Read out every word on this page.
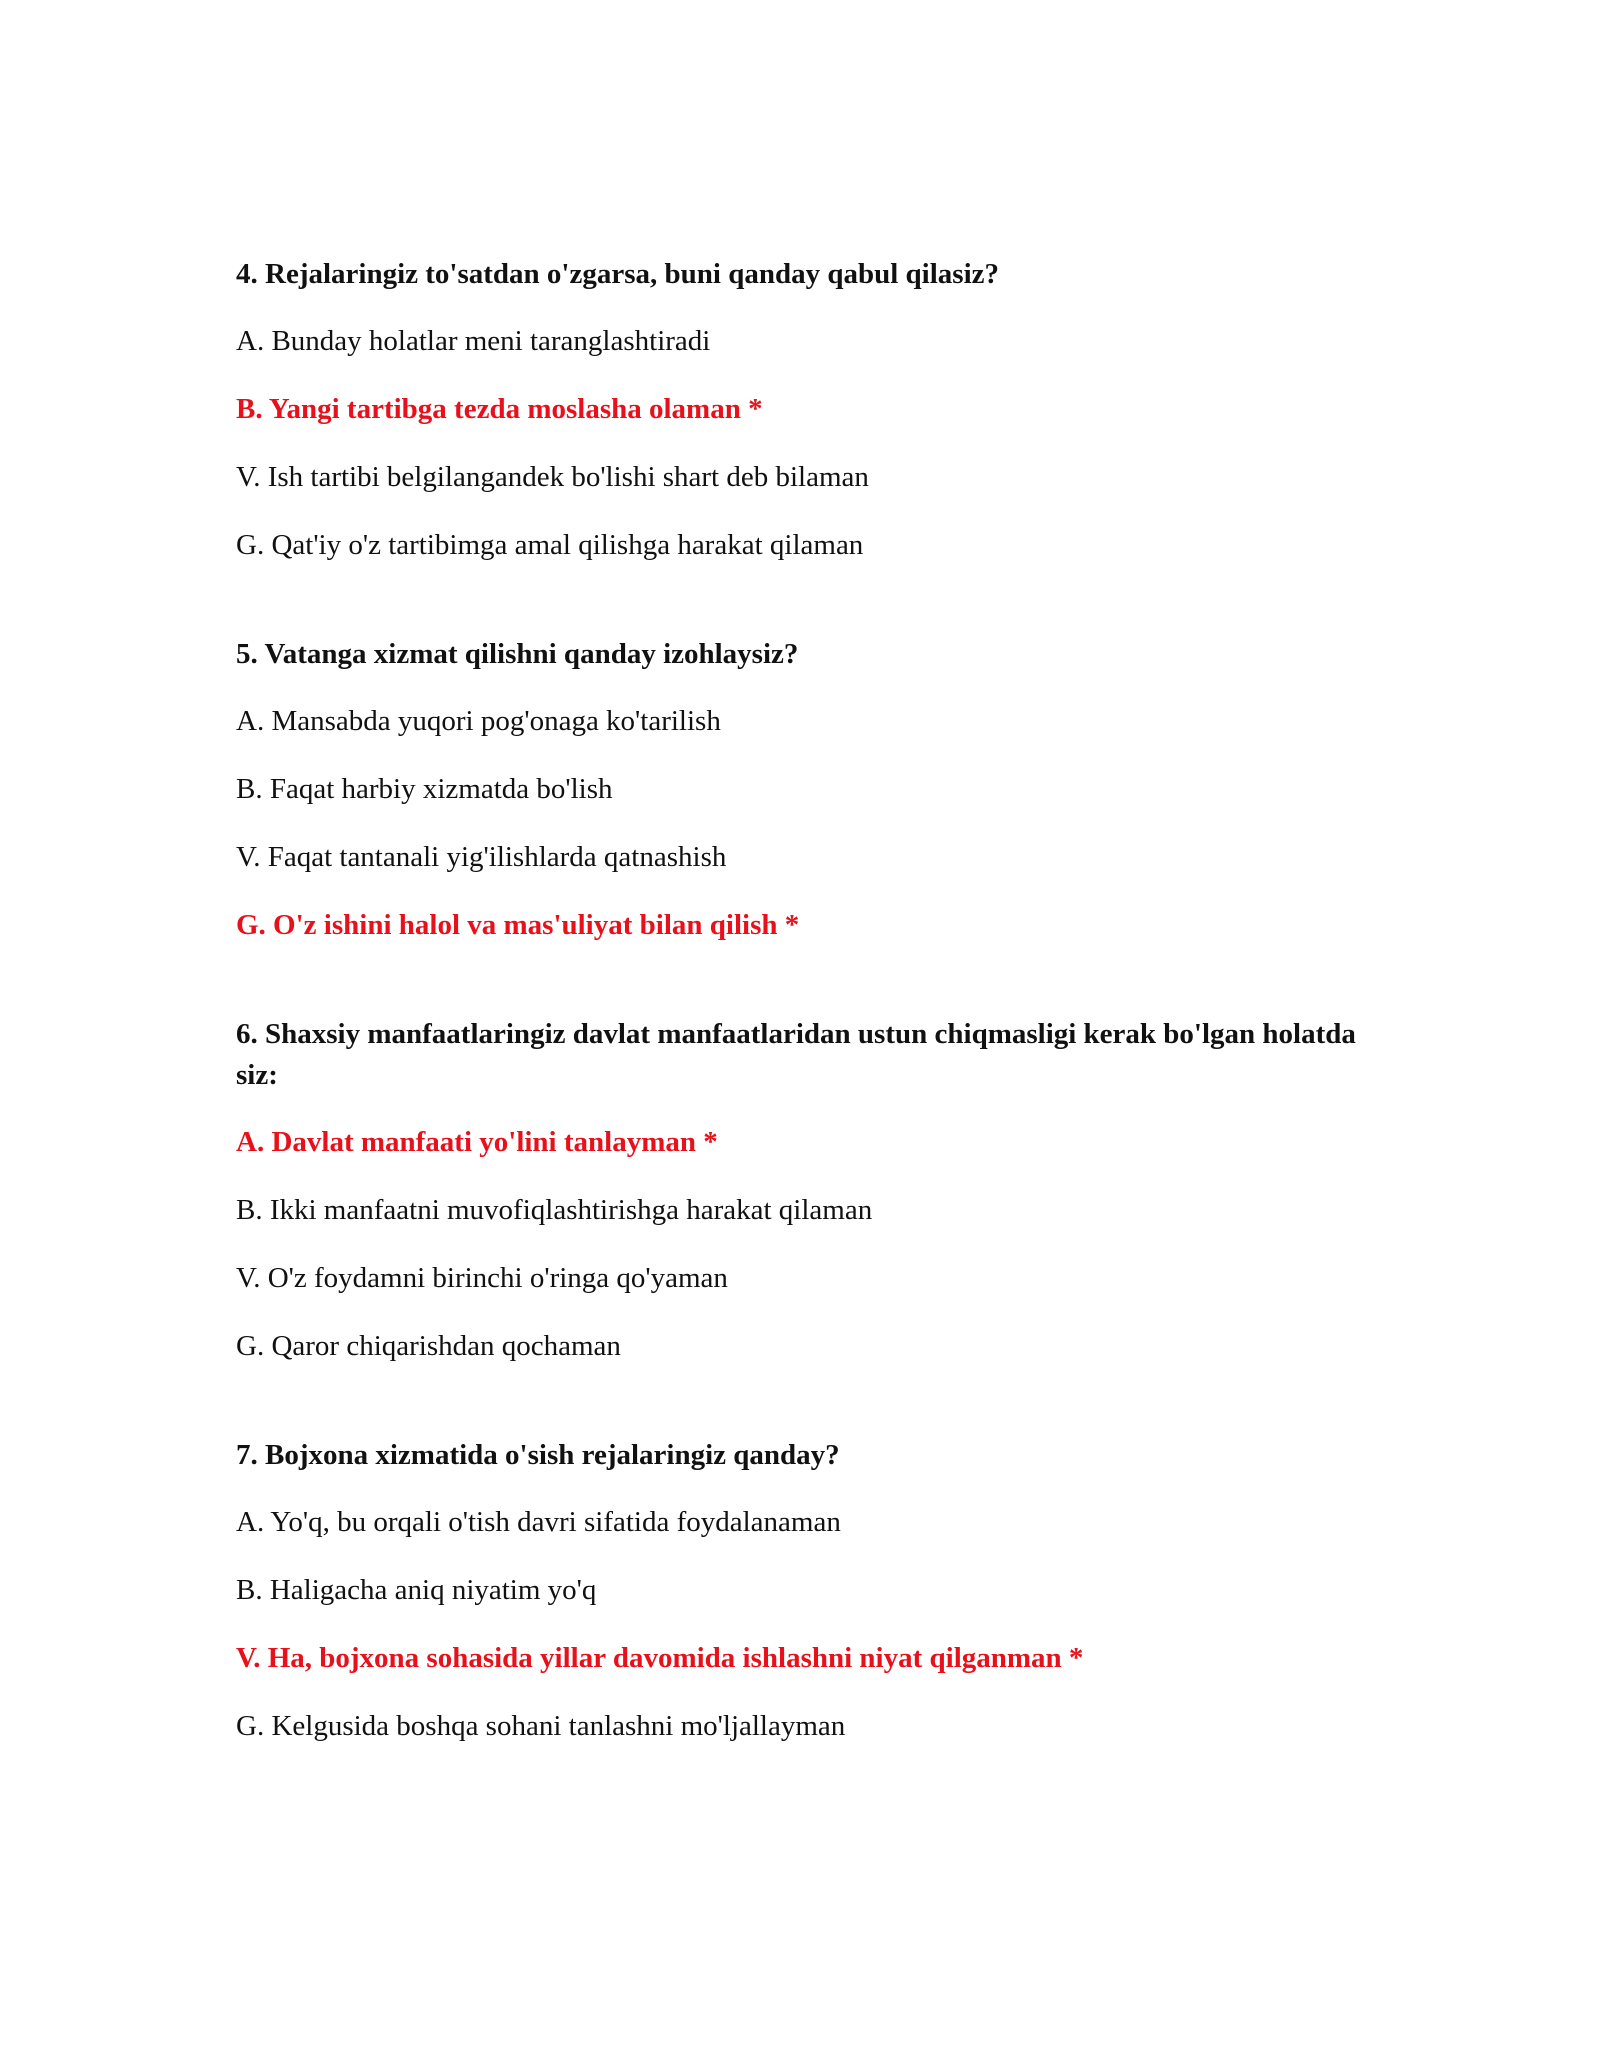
4. Rejalaringiz to'satdan o'zgarsa, buni qanday qabul qilasiz?

A. Bunday holatlar meni taranglashtiradi

B. Yangi tartibga tezda moslasha olaman *

V. Ish tartibi belgilangandek bo'lishi shart deb bilaman

G. Qat'iy o'z tartibimga amal qilishga harakat qilaman

5. Vatanga xizmat qilishni qanday izohlaysiz?

A. Mansabda yuqori pog'onaga ko'tarilish

B. Faqat harbiy xizmatda bo'lish

V. Faqat tantanali yig'ilishlarda qatnashish

G. O'z ishini halol va mas'uliyat bilan qilish *

6. Shaxsiy manfaatlaringiz davlat manfaatlaridan ustun chiqmasligi kerak bo'lgan holatda siz:

A. Davlat manfaati yo'lini tanlayman *

B. Ikki manfaatni muvofiqlashtirishga harakat qilaman

V. O'z foydamni birinchi o'ringa qo'yaman

G. Qaror chiqarishdan qochaman

7. Bojxona xizmatida o'sish rejalaringiz qanday?

A. Yo'q, bu orqali o'tish davri sifatida foydalanaman

B. Haligacha aniq niyatim yo'q

V. Ha, bojxona sohasida yillar davomida ishlashni niyat qilganman *

G. Kelgusida boshqa sohani tanlashni mo'ljallayman
